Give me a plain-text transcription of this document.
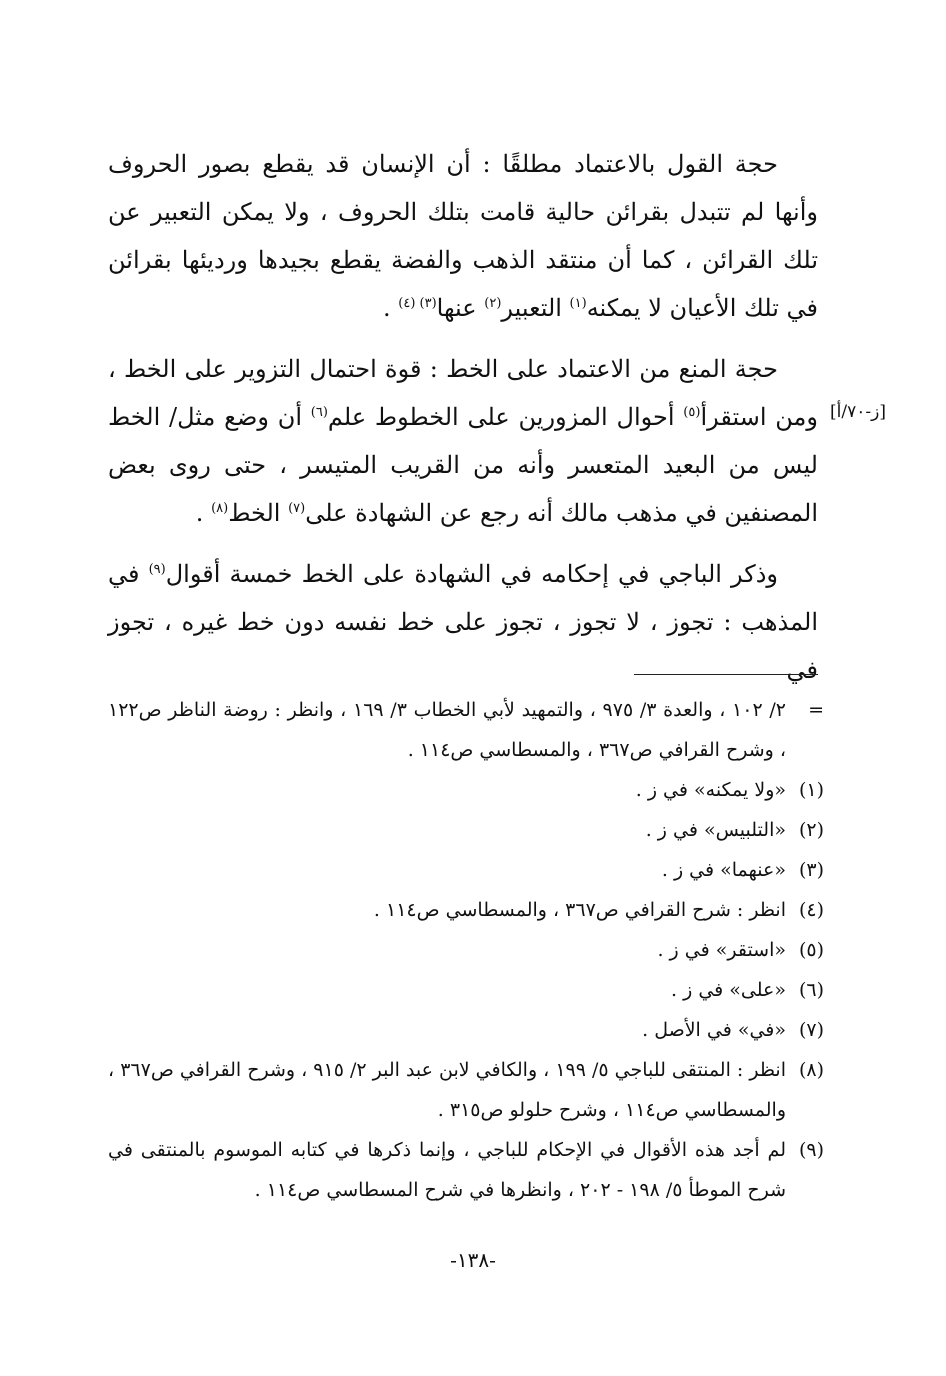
حجة القول بالاعتماد مطلقًا : أن الإنسان قد يقطع بصور الحروف وأنها لم تتبدل بقرائن حالية قامت بتلك الحروف ، ولا يمكن التعبير عن تلك القرائن ، كما أن منتقد الذهب والفضة يقطع بجيدها ورديئها بقرائن في تلك الأعيان لا يمكنه$^{(١)}$ التعبير$^{(٢)}$ عنها$^{(٣) (٤)}$ .

حجة المنع من الاعتماد على الخط : قوة احتمال التزوير على الخط ، ومن استقرأ$^{(٥)}$ أحوال المزورين على الخطوط علم$^{(٦)}$ أن وضع مثل/ الخط ليس من البعيد المتعسر وأنه من القريب المتيسر ، حتى روى بعض المصنفين في مذهب مالك أنه رجع عن الشهادة على$^{(٧)}$ الخط$^{(٨)}$ .

وذكر الباجي في إحكامه في الشهادة على الخط خمسة أقوال$^{(٩)}$ في المذهب : تجوز ، لا تجوز ، تجوز على خط نفسه دون خط غيره ، تجوز في

[ز-٧٠/أ]
=
٢/ ١٠٢ ، والعدة ٣/ ٩٧٥ ، والتمهيد لأبي الخطاب ٣/ ١٦٩ ، وانظر : روضة الناظر ص١٢٢ ، وشرح القرافي ص٣٦٧ ، والمسطاسي ص١١٤ .
(١)
«ولا يمكنه» في ز .
(٢)
«التلبيس» في ز .
(٣)
«عنهما» في ز .
(٤)
انظر : شرح القرافي ص٣٦٧ ، والمسطاسي ص١١٤ .
(٥)
«استقر» في ز .
(٦)
«على» في ز .
(٧)
«في» في الأصل .
(٨)
انظر : المنتقى للباجي ٥/ ١٩٩ ، والكافي لابن عبد البر ٢/ ٩١٥ ، وشرح القرافي ص٣٦٧ ، والمسطاسي ص١١٤ ، وشرح حلولو ص٣١٥ .
(٩)
لم أجد هذه الأقوال في الإحكام للباجي ، وإنما ذكرها في كتابه الموسوم بالمنتقى في شرح الموطأ ٥/ ١٩٨ - ٢٠٢ ، وانظرها في شرح المسطاسي ص١١٤ .
-١٣٨-
